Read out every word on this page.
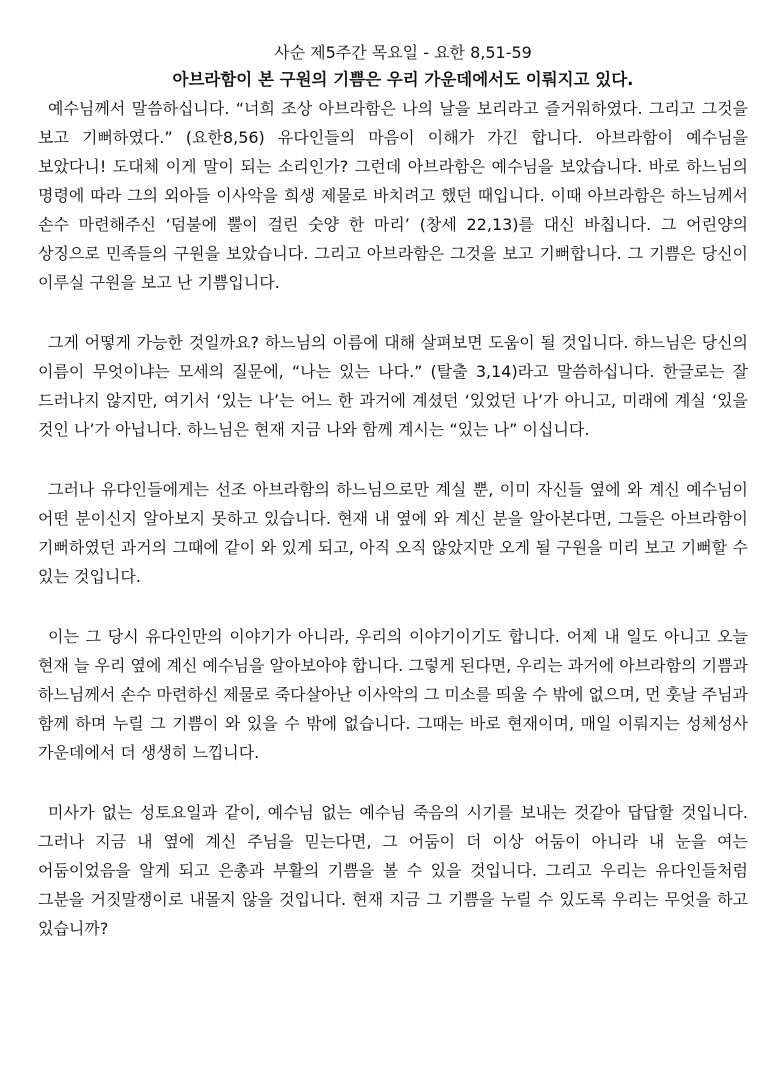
사순 제5주간 목요일 - 요한 8,51-59

아브라함이 본 구원의 기쁨은 우리 가운데에서도 이뤄지고 있다.

예수님께서 말씀하십니다. “너희 조상 아브라함은 나의 날을 보리라고 즐거워하였다. 그리고 그것을 보고 기뻐하였다.” (요한8,56) 유다인들의 마음이 이해가 가긴 합니다. 아브라함이 예수님을 보았다니! 도대체 이게 말이 되는 소리인가? 그런데 아브라함은 예수님을 보았습니다. 바로 하느님의 명령에 따라 그의 외아들 이사악을 희생 제물로 바치려고 했던 때입니다. 이때 아브라함은 하느님께서 손수 마련해주신 ‘덤불에 뿔이 걸린 숫양 한 마리’ (창세 22,13)를 대신 바칩니다. 그 어린양의 상징으로 민족들의 구원을 보았습니다. 그리고 아브라함은 그것을 보고 기뻐합니다. 그 기쁨은 당신이 이루실 구원을 보고 난 기쁨입니다.

그게 어떻게 가능한 것일까요? 하느님의 이름에 대해 살펴보면 도움이 될 것입니다. 하느님은 당신의 이름이 무엇이냐는 모세의 질문에, “나는 있는 나다.” (탈출 3,14)라고 말씀하십니다. 한글로는 잘 드러나지 않지만, 여기서 ‘있는 나’는 어느 한 과거에 계셨던 ‘있었던 나’가 아니고, 미래에 계실 ‘있을 것인 나’가 아닙니다. 하느님은 현재 지금 나와 함께 계시는 “있는 나” 이십니다.

그러나 유다인들에게는 선조 아브라함의 하느님으로만 계실 뿐, 이미 자신들 옆에 와 계신 예수님이 어떤 분이신지 알아보지 못하고 있습니다. 현재 내 옆에 와 계신 분을 알아본다면, 그들은 아브라함이 기뻐하였던 과거의 그때에 같이 와 있게 되고, 아직 오직 않았지만 오게 될 구원을 미리 보고 기뻐할 수 있는 것입니다.

이는 그 당시 유다인만의 이야기가 아니라, 우리의 이야기이기도 합니다. 어제 내 일도 아니고 오늘 현재 늘 우리 옆에 계신 예수님을 알아보아야 합니다. 그렇게 된다면, 우리는 과거에 아브라함의 기쁨과 하느님께서 손수 마련하신 제물로 죽다살아난 이사악의 그 미소를 띄울 수 밖에 없으며, 먼 훗날 주님과 함께 하며 누릴 그 기쁨이 와 있을 수 밖에 없습니다. 그때는 바로 현재이며, 매일 이뤄지는 성체성사 가운데에서 더 생생히 느낍니다.

미사가 없는 성토요일과 같이, 예수님 없는 예수님 죽음의 시기를 보내는 것같아 답답할 것입니다. 그러나 지금 내 옆에 계신 주님을 믿는다면, 그 어둠이 더 이상 어둠이 아니라 내 눈을 여는 어둠이었음을 알게 되고 은총과 부활의 기쁨을 볼 수 있을 것입니다. 그리고 우리는 유다인들처럼 그분을 거짓말쟁이로 내몰지 않을 것입니다. 현재 지금 그 기쁨을 누릴 수 있도록 우리는 무엇을 하고 있습니까?
